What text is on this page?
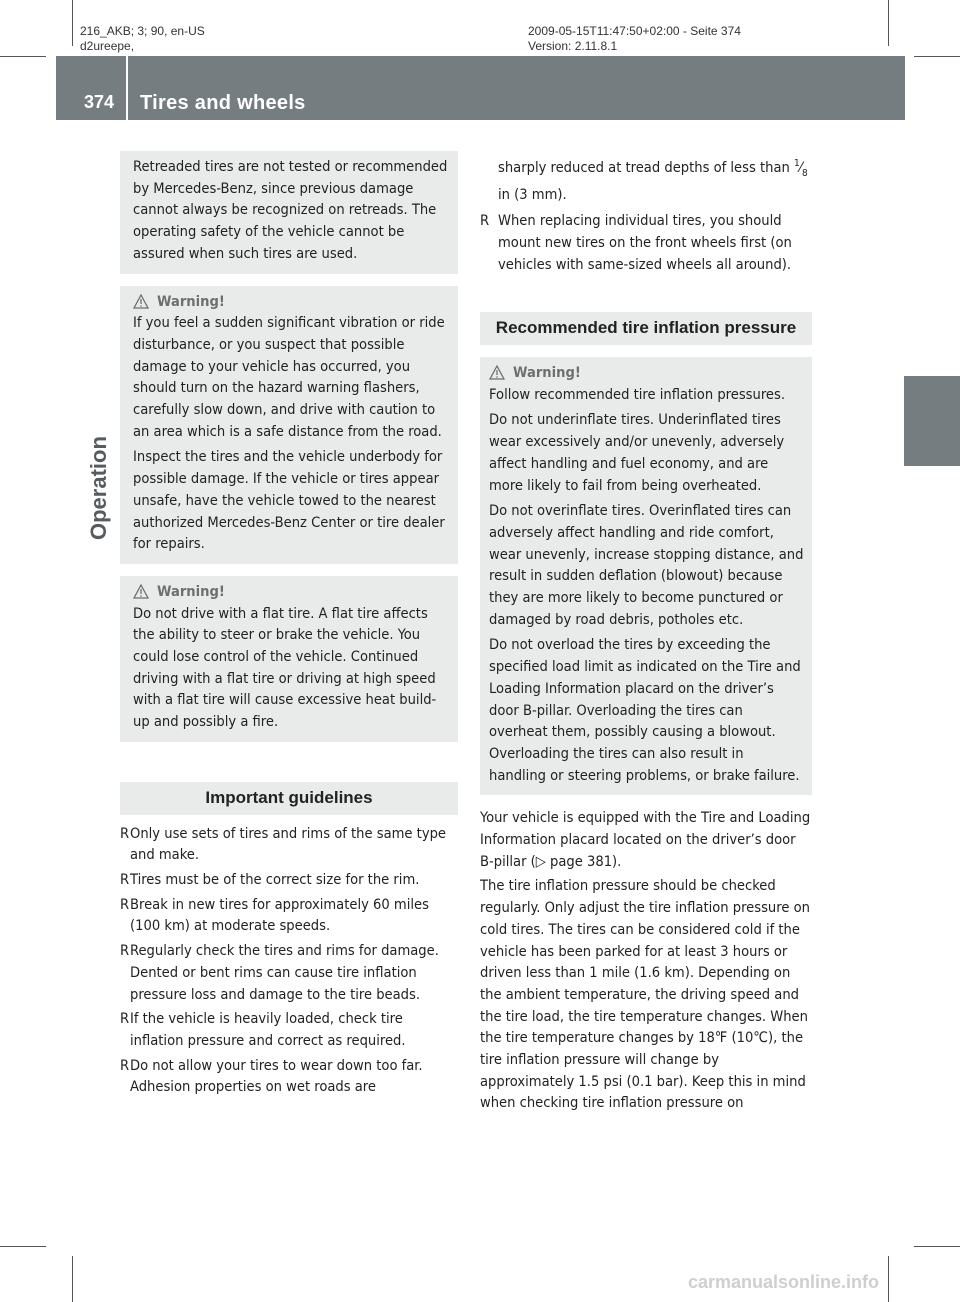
216_AKB; 3; 90, en-US
d2ureepe,
2009-05-15T11:47:50+02:00 - Seite 374
Version: 2.11.8.1
374 Tires and wheels
Operation

Retreaded tires are not tested or recommended by Mercedes-Benz, since previous damage cannot always be recognized on retreads. The operating safety of the vehicle cannot be assured when such tires are used.

Warning!

If you feel a sudden significant vibration or ride disturbance, or you suspect that possible damage to your vehicle has occurred, you should turn on the hazard warning flashers, carefully slow down, and drive with caution to an area which is a safe distance from the road.

Inspect the tires and the vehicle underbody for possible damage. If the vehicle or tires appear unsafe, have the vehicle towed to the nearest authorized Mercedes-Benz Center or tire dealer for repairs.

Warning!

Do not drive with a flat tire. A flat tire affects the ability to steer or brake the vehicle. You could lose control of the vehicle. Continued driving with a flat tire or driving at high speed with a flat tire will cause excessive heat build-up and possibly a fire.

Important guidelines
R Only use sets of tires and rims of the same type and make.
R Tires must be of the correct size for the rim.
R Break in new tires for approximately 60 miles (100 km) at moderate speeds.
R Regularly check the tires and rims for damage. Dented or bent rims can cause tire inflation pressure loss and damage to the tire beads.
R If the vehicle is heavily loaded, check tire inflation pressure and correct as required.
R Do not allow your tires to wear down too far. Adhesion properties on wet roads are
sharply reduced at tread depths of less than $^1⁄_8$ in (3 mm).
R When replacing individual tires, you should mount new tires on the front wheels first (on vehicles with same-sized wheels all around).
Recommended tire inflation pressure
Warning!

Follow recommended tire inflation pressures.

Do not underinflate tires. Underinflated tires wear excessively and/or unevenly, adversely affect handling and fuel economy, and are more likely to fail from being overheated.

Do not overinflate tires. Overinflated tires can adversely affect handling and ride comfort, wear unevenly, increase stopping distance, and result in sudden deflation (blowout) because they are more likely to become punctured or damaged by road debris, potholes etc.

Do not overload the tires by exceeding the specified load limit as indicated on the Tire and Loading Information placard on the driver’s door B-pillar. Overloading the tires can overheat them, possibly causing a blowout. Overloading the tires can also result in handling or steering problems, or brake failure.

Your vehicle is equipped with the Tire and Loading Information placard located on the driver’s door B-pillar (▷ page 381).

The tire inflation pressure should be checked regularly. Only adjust the tire inflation pressure on cold tires. The tires can be considered cold if the vehicle has been parked for at least 3 hours or driven less than 1 mile (1.6 km). Depending on the ambient temperature, the driving speed and the tire load, the tire temperature changes. When the tire temperature changes by 18℉ (10℃), the tire inflation pressure will change by approximately 1.5 psi (0.1 bar). Keep this in mind when checking tire inflation pressure on

carmanualsonline.info
